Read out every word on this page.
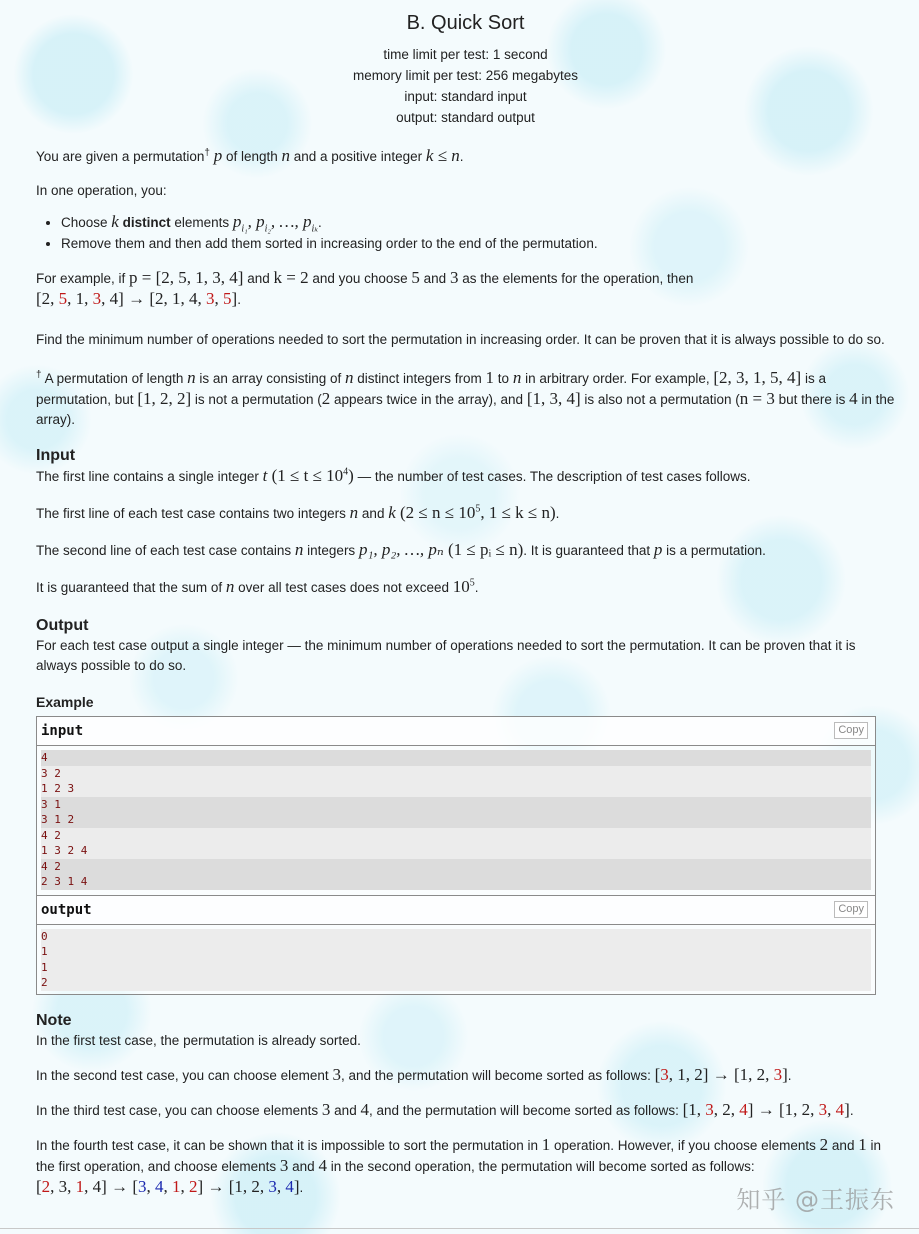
B. Quick Sort
time limit per test: 1 second
memory limit per test: 256 megabytes
input: standard input
output: standard output

You are given a permutation† p of length n and a positive integer k ≤ n.

In one operation, you:

• Choose k distinct elements $p_{i_1}$, $p_{i_2}$, …, $p_{i_k}$.
• Remove them and then add them sorted in increasing order to the end of the permutation.

For example, if p = [2, 5, 1, 3, 4] and k = 2 and you choose 5 and 3 as the elements for the operation, then
[2, 5, 1, 3, 4] → [2, 1, 4, 3, 5].

Find the minimum number of operations needed to sort the permutation in increasing order. It can be proven that it is always possible to do so.

† A permutation of length n is an array consisting of n distinct integers from 1 to n in arbitrary order. For example, [2, 3, 1, 5, 4] is a permutation, but [1, 2, 2] is not a permutation (2 appears twice in the array), and [1, 3, 4] is also not a permutation (n = 3 but there is 4 in the array).

Input

The first line contains a single integer t $(1 \le t \le 10^4)$ — the number of test cases. The description of test cases follows.

The first line of each test case contains two integers n and k ($2 \le n \le 10^5$, 1 ≤ k ≤ n).

The second line of each test case contains n integers p₁, p₂, …, pₙ (1 ≤ pᵢ ≤ n). It is guaranteed that p is a permutation.

It is guaranteed that the sum of n over all test cases does not exceed $10^5$.

Output

For each test case output a single integer — the minimum number of operations needed to sort the permutation. It can be proven that it is always possible to do so.

Example
input	Copy
4
3 2
1 2 3
3 1
3 1 2
4 2
1 3 2 4
4 2
2 3 1 4
output	Copy
0
1
1
2
Note

In the first test case, the permutation is already sorted.

In the second test case, you can choose element 3, and the permutation will become sorted as follows: [3, 1, 2] → [1, 2, 3].

In the third test case, you can choose elements 3 and 4, and the permutation will become sorted as follows: [1, 3, 2, 4] → [1, 2, 3, 4].

In the fourth test case, it can be shown that it is impossible to sort the permutation in 1 operation. However, if you choose elements 2 and 1 in the first operation, and choose elements 3 and 4 in the second operation, the permutation will become sorted as follows:
[2, 3, 1, 4] → [3, 4, 1, 2] → [1, 2, 3, 4].	知乎 @王振东
